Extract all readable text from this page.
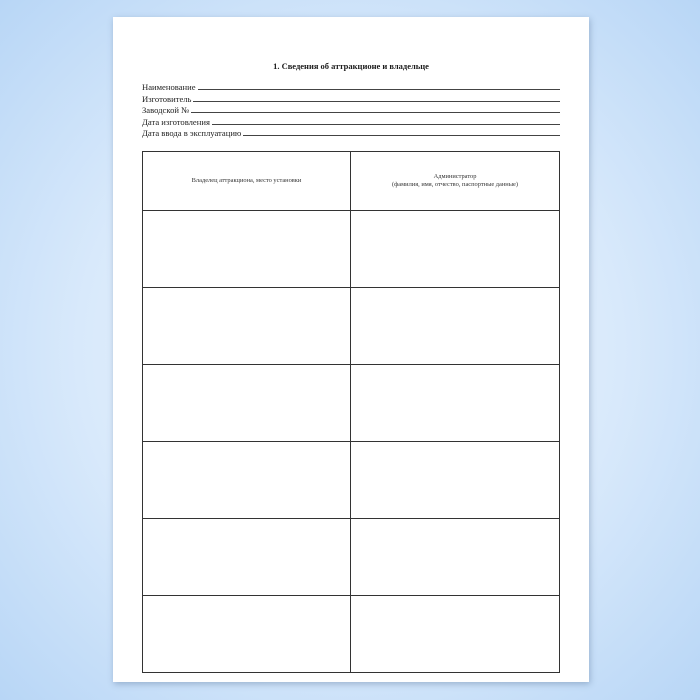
1. Сведения об аттракционе и владельце
Наименование
Изготовитель
Заводской №
Дата изготовления
Дата ввода в эксплуатацию
Владелец аттракциона, место установки
Администратор
(фамилия, имя, отчество, паспортные данные)
